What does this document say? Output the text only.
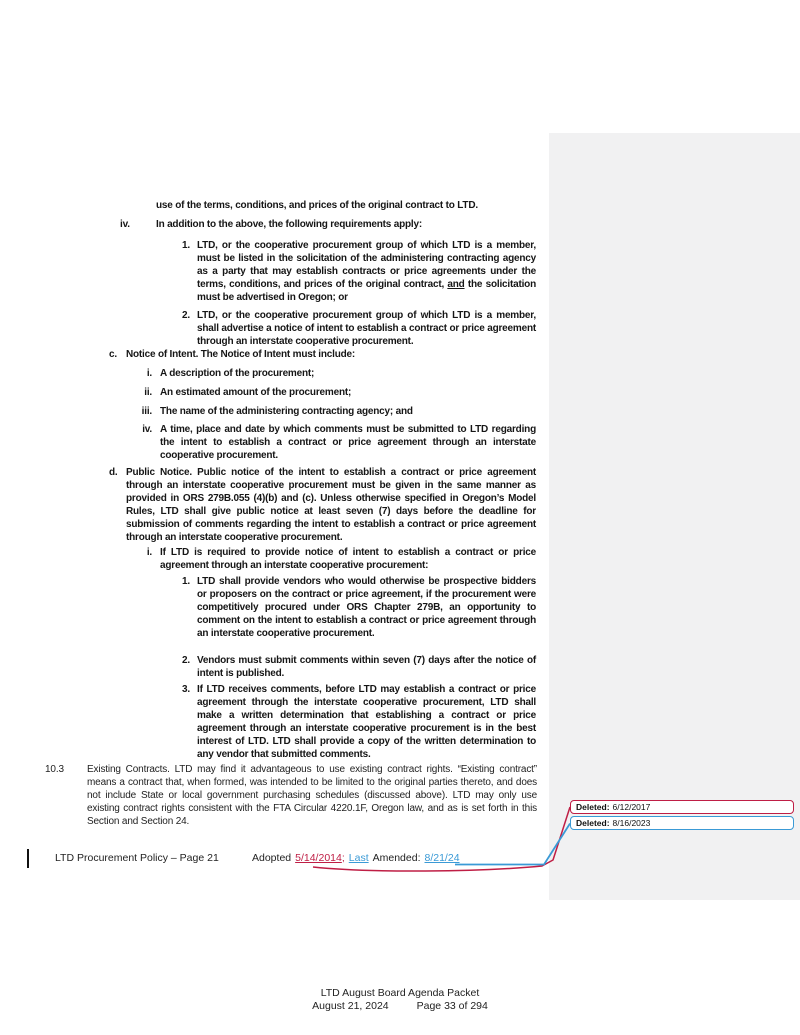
use of the terms, conditions, and prices of the original contract to LTD.
iv.	In addition to the above, the following requirements apply:
1. LTD, or the cooperative procurement group of which LTD is a member, must be listed in the solicitation of the administering contracting agency as a party that may establish contracts or price agreements under the terms, conditions, and prices of the original contract, and the solicitation must be advertised in Oregon; or
2. LTD, or the cooperative procurement group of which LTD is a member, shall advertise a notice of intent to establish a contract or price agreement through an interstate cooperative procurement.
c. Notice of Intent. The Notice of Intent must include:
i. A description of the procurement;
ii. An estimated amount of the procurement;
iii. The name of the administering contracting agency; and
iv. A time, place and date by which comments must be submitted to LTD regarding the intent to establish a contract or price agreement through an interstate cooperative procurement.
d. Public Notice. Public notice of the intent to establish a contract or price agreement through an interstate cooperative procurement must be given in the same manner as provided in ORS 279B.055 (4)(b) and (c). Unless otherwise specified in Oregon’s Model Rules, LTD shall give public notice at least seven (7) days before the deadline for submission of comments regarding the intent to establish a contract or price agreement through an interstate cooperative procurement.
i. If LTD is required to provide notice of intent to establish a contract or price agreement through an interstate cooperative procurement:
1. LTD shall provide vendors who would otherwise be prospective bidders or proposers on the contract or price agreement, if the procurement were competitively procured under ORS Chapter 279B, an opportunity to comment on the intent to establish a contract or price agreement through an interstate cooperative procurement.
2. Vendors must submit comments within seven (7) days after the notice of intent is published.
3. If LTD receives comments, before LTD may establish a contract or price agreement through the interstate cooperative procurement, LTD shall make a written determination that establishing a contract or price agreement through an interstate cooperative procurement is in the best interest of LTD. LTD shall provide a copy of the written determination to any vendor that submitted comments.
10.3 Existing Contracts. LTD may find it advantageous to use existing contract rights. “Existing contract” means a contract that, when formed, was intended to be limited to the original parties thereto, and does not include State or local government purchasing schedules (discussed above). LTD may only use existing contract rights consistent with the FTA Circular 4220.1F, Oregon law, and as is set forth in this Section and Section 24.
LTD Procurement Policy – Page 21	Adopted 5/14/2014; Last Amended: 8/21/24
Deleted: 6/12/2017
Deleted: 8/16/2023
LTD August Board Agenda Packet
August 21, 2024	Page 33 of 294
